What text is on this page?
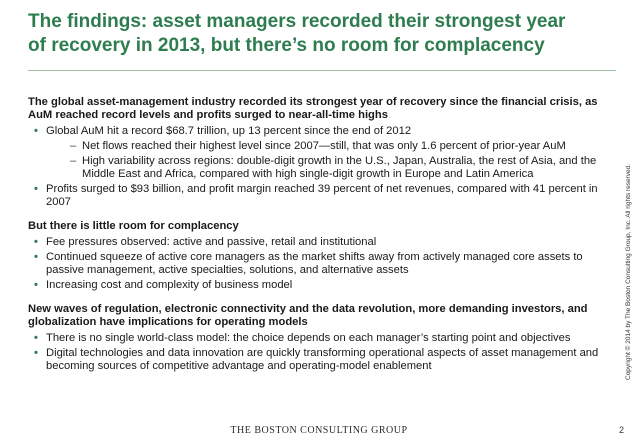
The findings: asset managers recorded their strongest year of recovery in 2013, but there’s no room for complacency
The global asset-management industry recorded its strongest year of recovery since the financial crisis, as AuM reached record levels and profits surged to near-all-time highs
• Global AuM hit a record $68.7 trillion, up 13 percent since the end of 2012
– Net flows reached their highest level since 2007—still, that was only 1.6 percent of prior-year AuM
– High variability across regions: double-digit growth in the U.S., Japan, Australia, the rest of Asia, and the Middle East and Africa, compared with high single-digit growth in Europe and Latin America
• Profits surged to $93 billion, and profit margin reached 39 percent of net revenues, compared with 41 percent in 2007
But there is little room for complacency
• Fee pressures observed: active and passive, retail and institutional
• Continued squeeze of active core managers as the market shifts away from actively managed core assets to passive management, active specialties, solutions, and alternative assets
• Increasing cost and complexity of business model
New waves of regulation, electronic connectivity and the data revolution, more demanding investors, and globalization have implications for operating models
• There is no single world-class model: the choice depends on each manager’s starting point and objectives
• Digital technologies and data innovation are quickly transforming operational aspects of asset management and becoming sources of competitive advantage and operating-model enablement	Copyright © 2014 by The Boston Consulting Group, Inc. All rights reserved.
THE BOSTON CONSULTING GROUP	2
